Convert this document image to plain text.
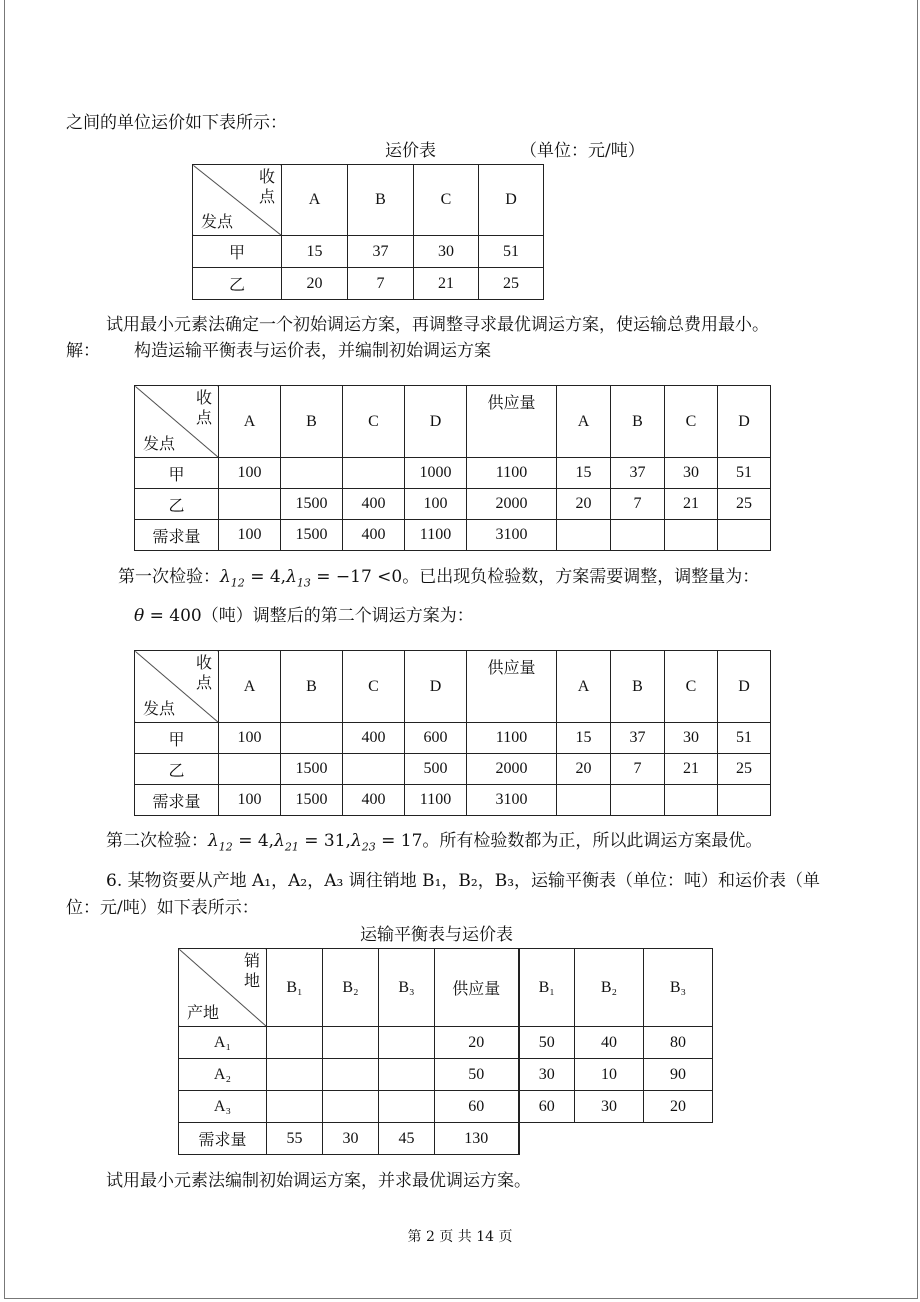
之间的单位运价如下表所示：
运价表	（单位：元/吨）
收
点
发点	A	B	C	D
甲	15	37	30	51
乙	20	7	21	25
试用最小元素法确定一个初始调运方案，再调整寻求最优调运方案，使运输总费用最小。
解： 构造运输平衡表与运价表，并编制初始调运方案
收
点
发点	A	B	C	D	供应量	A	B	C	D
甲	100			1000	1100	15	37	30	51
乙		1500	400	100	2000	20	7	21	25
需求量	100	1500	400	1100	3100				
第一次检验：$\lambda_{12} = 4,\lambda_{13} = -17 <0$。已出现负检验数，方案需要调整，调整量为：
θ = 400（吨）调整后的第二个调运方案为：
收
点
发点	A	B	C	D	供应量	A	B	C	D
甲	100		400	600	1100	15	37	30	51
乙		1500		500	2000	20	7	21	25
需求量	100	1500	400	1100	3100				
第二次检验：$\lambda_{12} = 4,\lambda_{21} = 31,\lambda_{23} = 17$。所有检验数都为正，所以此调运方案最优。
6. 某物资要从产地 A₁，A₂，A₃ 调往销地 B₁，B₂，B₃，运输平衡表（单位：吨）和运价表（单
位：元/吨）如下表所示：
运输平衡表与运价表
销
地
产地	B₁	B₂	B₃	供应量	B₁	B₂	B₃
A₁				20	50	40	80
A₂				50	30	10	90
A₃				60	60	30	20
需求量	55	30	45	130			
试用最小元素法编制初始调运方案，并求最优调运方案。
第 2 页 共 14 页
